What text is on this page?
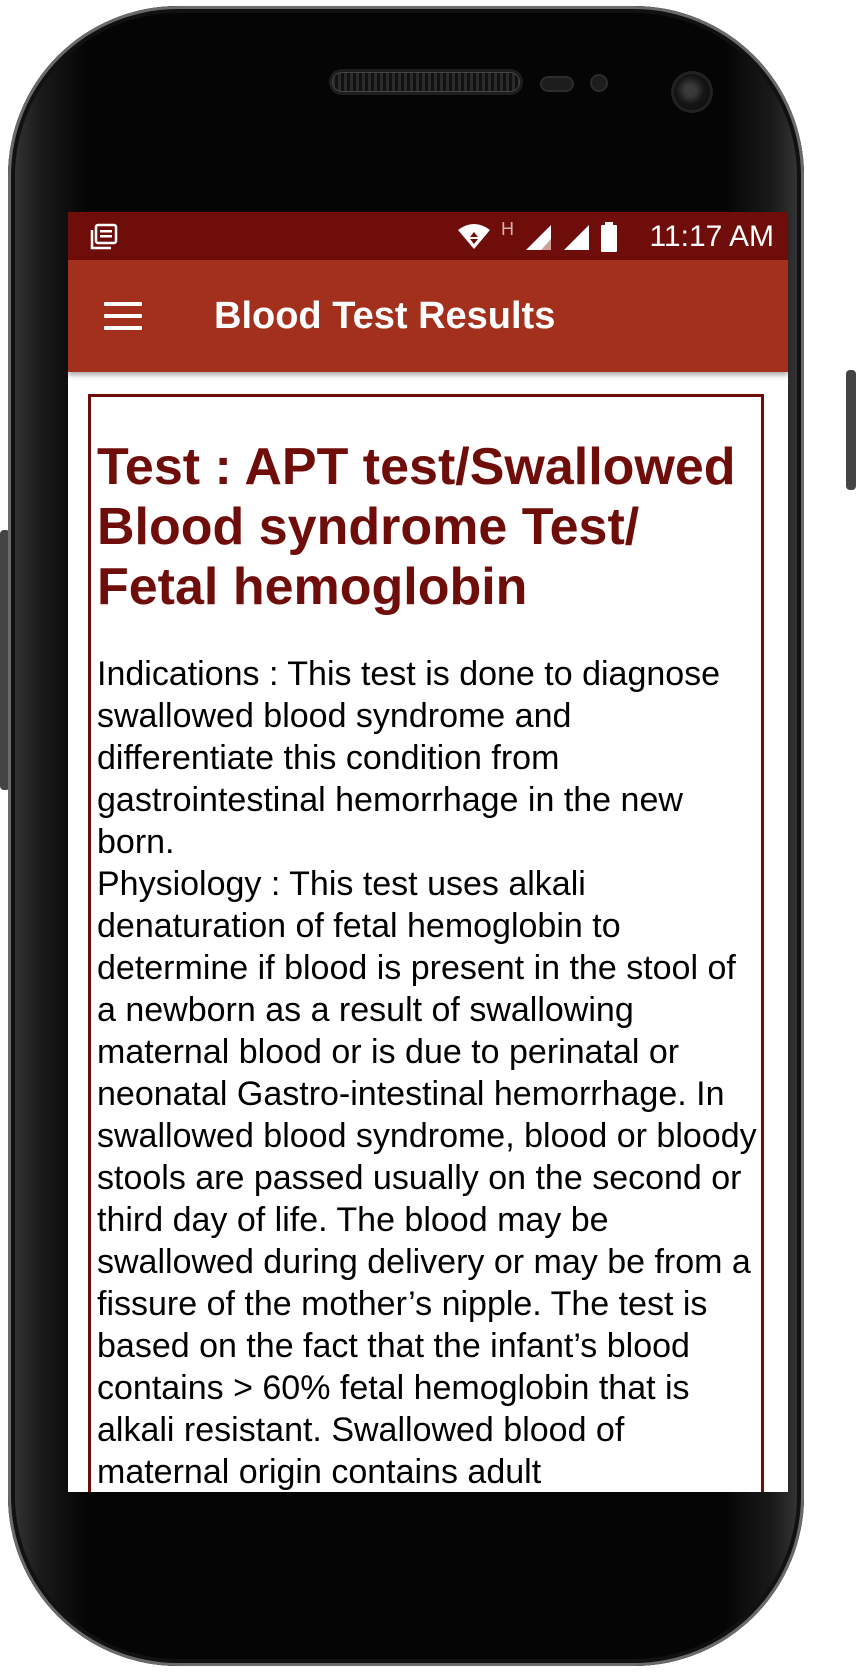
H	11:17 AM
Blood Test Results
Test : APT test/Swallowed Blood syndrome Test/ Fetal hemoglobin

Indications : This test is done to diagnose swallowed blood syndrome and differentiate this condition from gastrointestinal hemorrhage in the new born.

Physiology : This test uses alkali denaturation of fetal hemoglobin to determine if blood is present in the stool of a newborn as a result of swallowing maternal blood or is due to perinatal or neonatal Gastro-intestinal hemorrhage. In swallowed blood syndrome, blood or bloody stools are passed usually on the second or third day of life. The blood may be swallowed during delivery or may be from a fissure of the mother’s nipple. The test is based on the fact that the infant’s blood contains > 60% fetal hemoglobin that is alkali resistant. Swallowed blood of maternal origin contains adult
